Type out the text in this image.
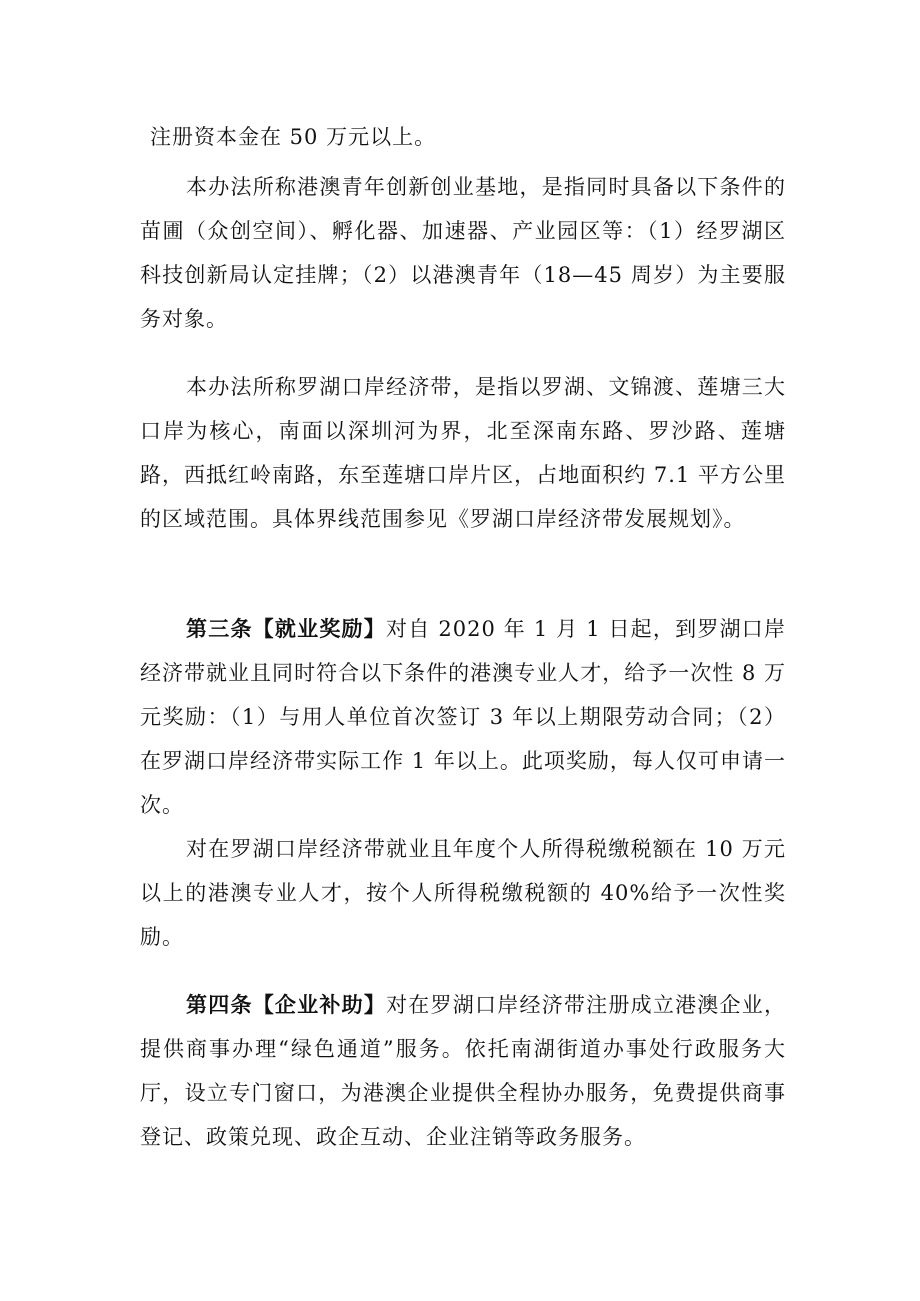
注册资本金在 50 万元以上。

本办法所称港澳青年创新创业基地，是指同时具备以下条件的苗圃（众创空间）、孵化器、加速器、产业园区等：（1）经罗湖区科技创新局认定挂牌；（2）以港澳青年（18—45 周岁）为主要服务对象。

本办法所称罗湖口岸经济带，是指以罗湖、文锦渡、莲塘三大口岸为核心，南面以深圳河为界，北至深南东路、罗沙路、莲塘路，西抵红岭南路，东至莲塘口岸片区，占地面积约 7.1 平方公里的区域范围。具体界线范围参见《罗湖口岸经济带发展规划》。

第三条【就业奖励】对自 2020 年 1 月 1 日起，到罗湖口岸经济带就业且同时符合以下条件的港澳专业人才，给予一次性 8 万元奖励：（1）与用人单位首次签订 3 年以上期限劳动合同；（2）在罗湖口岸经济带实际工作 1 年以上。此项奖励，每人仅可申请一次。

对在罗湖口岸经济带就业且年度个人所得税缴税额在 10 万元以上的港澳专业人才，按个人所得税缴税额的 40%给予一次性奖励。

第四条【企业补助】对在罗湖口岸经济带注册成立港澳企业，提供商事办理“绿色通道”服务。依托南湖街道办事处行政服务大厅，设立专门窗口，为港澳企业提供全程协办服务，免费提供商事登记、政策兑现、政企互动、企业注销等政务服务。
